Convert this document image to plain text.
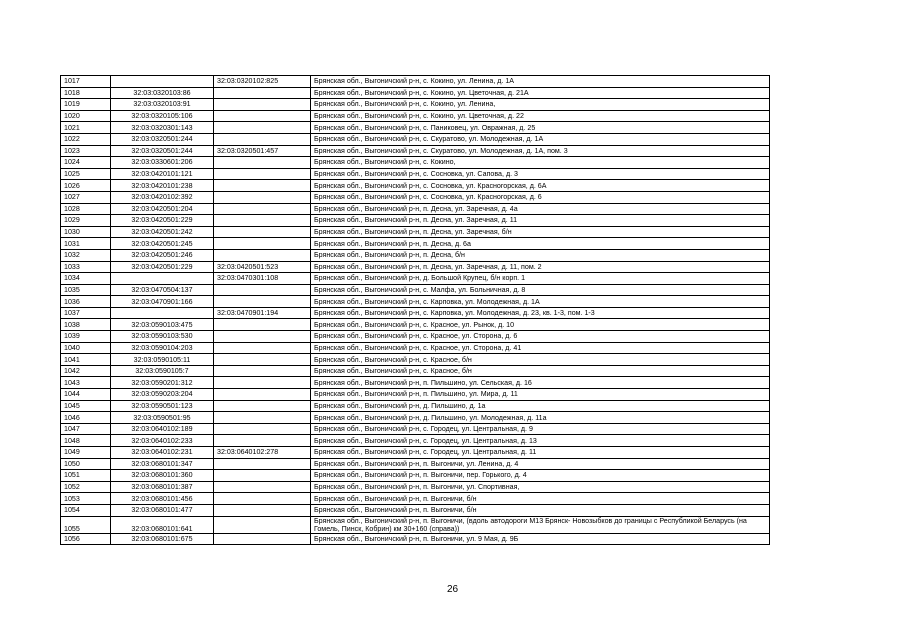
1017		32:03:0320102:825	Брянская обл., Выгоничский р-н, с. Кокино, ул. Ленина, д. 1А
1018	32:03:0320103:86		Брянская обл., Выгоничский р-н, с. Кокино, ул. Цветочная, д. 21А
1019	32:03:0320103:91		Брянская обл., Выгоничский р-н, с. Кокино, ул. Ленина,
1020	32:03:0320105:106		Брянская обл., Выгоничский р-н, с. Кокино, ул. Цветочная, д. 22
1021	32:03:0320301:143		Брянская обл., Выгоничский р-н, с. Паниковец, ул. Овражная, д. 25
1022	32:03:0320501:244		Брянская обл., Выгоничский р-н, с. Скуратово, ул. Молодежная, д. 1А
1023	32:03:0320501:244	32:03:0320501:457	Брянская обл., Выгоничский р-н, с. Скуратово, ул. Молодежная, д. 1А, пом. 3
1024	32:03:0330601:206		Брянская обл., Выгоничский р-н, с. Кокино,
1025	32:03:0420101:121		Брянская обл., Выгоничский р-н, с. Сосновка, ул. Сапова, д. 3
1026	32:03:0420101:238		Брянская обл., Выгоничский р-н, с. Сосновка, ул. Красногорская, д. 6А
1027	32:03:0420102:392		Брянская обл., Выгоничский р-н, с. Сосновка, ул. Красногорская, д. 6
1028	32:03:0420501:204		Брянская обл., Выгоничский р-н, п. Десна, ул. Заречная, д. 4а
1029	32:03:0420501:229		Брянская обл., Выгоничский р-н, п. Десна, ул. Заречная, д. 11
1030	32:03:0420501:242		Брянская обл., Выгоничский р-н, п. Десна, ул. Заречная, б/н
1031	32:03:0420501:245		Брянская обл., Выгоничский р-н, п. Десна, д. 6а
1032	32:03:0420501:246		Брянская обл., Выгоничский р-н, п. Десна, б/н
1033	32:03:0420501:229	32:03:0420501:523	Брянская обл., Выгоничский р-н, п. Десна, ул. Заречная, д. 11, пом. 2
1034		32:03:0470301:108	Брянская обл., Выгоничский р-н, д. Большой Крупец, б/н корп. 1
1035	32:03:0470504:137		Брянская обл., Выгоничский р-н, с. Малфа, ул. Больничная, д. 8
1036	32:03:0470901:166		Брянская обл., Выгоничский р-н, с. Карповка, ул. Молодежная, д. 1А
1037		32:03:0470901:194	Брянская обл., Выгоничский р-н, с. Карповка, ул. Молодежная, д. 23, кв. 1-3, пом. 1-3
1038	32:03:0590103:475		Брянская обл., Выгоничский р-н, с. Красное, ул. Рынок, д. 10
1039	32:03:0590103:530		Брянская обл., Выгоничский р-н, с. Красное, ул. Сторона, д. 6
1040	32:03:0590104:203		Брянская обл., Выгоничский р-н, с. Красное, ул. Сторона, д. 41
1041	32:03:0590105:11		Брянская обл., Выгоничский р-н, с. Красное, б/н
1042	32:03:0590105:7		Брянская обл., Выгоничский р-н, с. Красное, б/н
1043	32:03:0590201:312		Брянская обл., Выгоничский р-н, п. Пильшино, ул. Сельская, д. 16
1044	32:03:0590203:204		Брянская обл., Выгоничский р-н, п. Пильшино, ул. Мира, д. 11
1045	32:03:0590501:123		Брянская обл., Выгоничский р-н, д. Пильшино, д. 1а
1046	32:03:0590501:95		Брянская обл., Выгоничский р-н, д. Пильшино, ул. Молодежная, д. 11а
1047	32:03:0640102:189		Брянская обл., Выгоничский р-н, с. Городец, ул. Центральная, д. 9
1048	32:03:0640102:233		Брянская обл., Выгоничский р-н, с. Городец, ул. Центральная, д. 13
1049	32:03:0640102:231	32:03:0640102:278	Брянская обл., Выгоничский р-н, с. Городец, ул. Центральная, д. 11
1050	32:03:0680101:347		Брянская обл., Выгоничский р-н, п. Выгоничи, ул. Ленина, д. 4
1051	32:03:0680101:360		Брянская обл., Выгоничский р-н, п. Выгоничи, пер. Горького, д. 4
1052	32:03:0680101:387		Брянская обл., Выгоничский р-н, п. Выгоничи, ул. Спортивная,
1053	32:03:0680101:456		Брянская обл., Выгоничский р-н, п. Выгоничи, б/н
1054	32:03:0680101:477		Брянская обл., Выгоничский р-н, п. Выгоничи, б/н
1055	32:03:0680101:641		Брянская обл., Выгоничский р-н, п. Выгоничи, (вдоль автодороги М13 Брянск- Новозыбков до границы с Республикой Беларусь (на Гомель, Пинск, Кобрин) км 30+160 (справа))
1056	32:03:0680101:675		Брянская обл., Выгоничский р-н, п. Выгоничи, ул. 9 Мая, д. 9Б
26
